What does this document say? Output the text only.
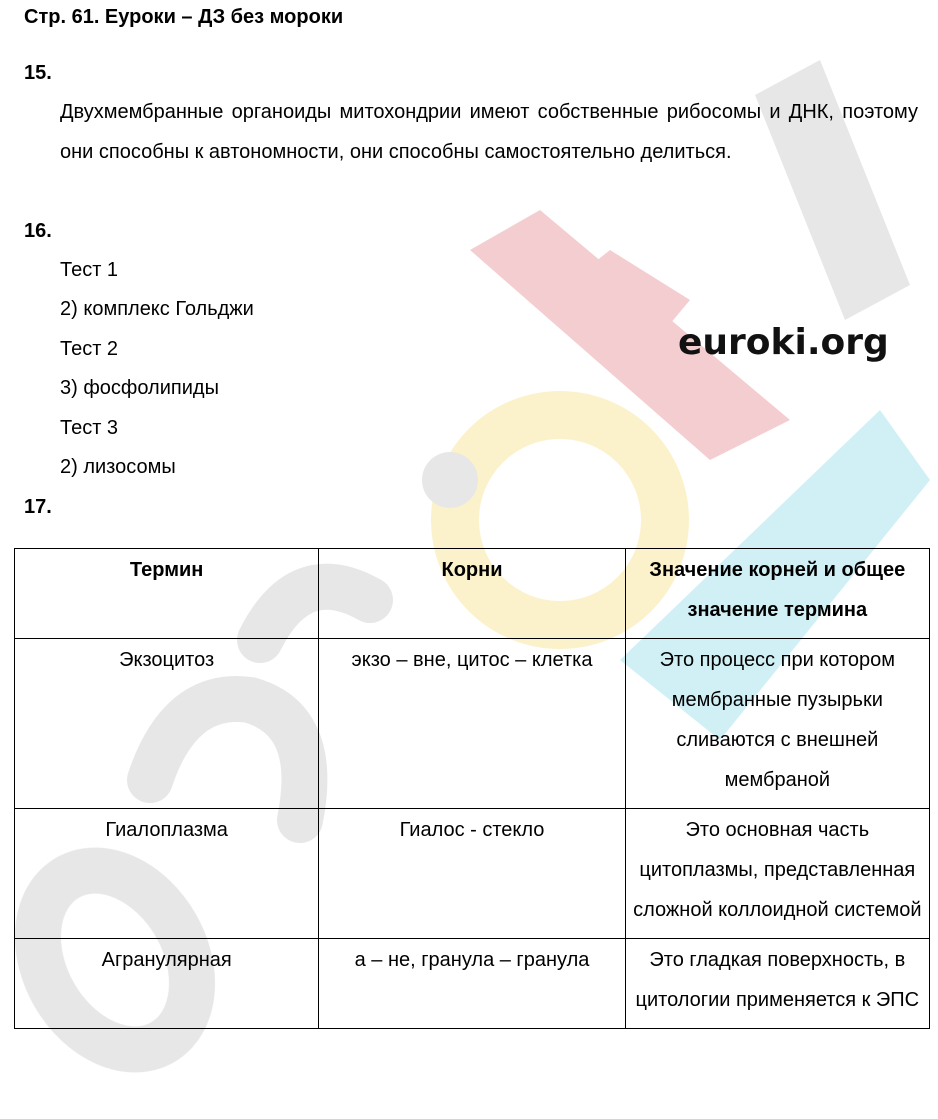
Стр. 61. Еуроки – ДЗ без мороки
15.
Двухмембранные органоиды митохондрии имеют собственные рибосомы и ДНК, поэтому они способны к автономности, они способны самостоятельно делиться.
16.
Тест 1
2) комплекс Гольджи
Тест 2
3) фосфолипиды
Тест 3
2) лизосомы
euroki.org
17.
Термин	Корни	Значение корней и общее значение термина
Экзоцитоз	экзо – вне, цитос – клетка	Это процесс при котором мембранные пузырьки сливаются с внешней мембраной
Гиалоплазма	Гиалос - стекло	Это основная часть цитоплазмы, представленная сложной коллоидной системой
Агранулярная	а – не, гранула – гранула	Это гладкая поверхность, в цитологии применяется к ЭПС
